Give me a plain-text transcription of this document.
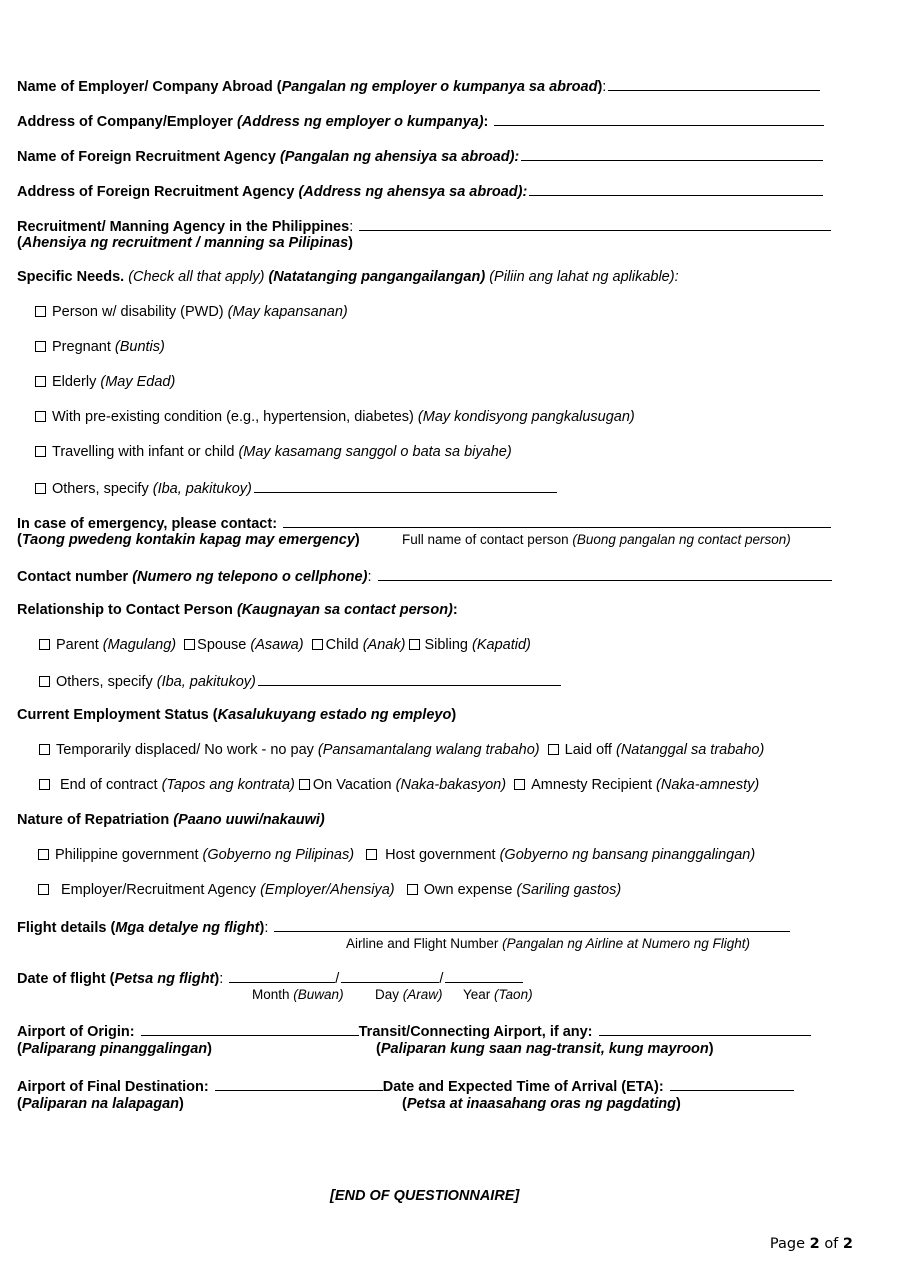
Name of Employer/ Company Abroad (Pangalan ng employer o kumpanya sa abroad):
Address of Company/Employer (Address ng employer o kumpanya):
Name of Foreign Recruitment Agency (Pangalan ng ahensiya sa abroad):
Address of Foreign Recruitment Agency (Address ng ahensya sa abroad):
Recruitment/ Manning Agency in the Philippines:
(Ahensiya ng recruitment / manning sa Pilipinas)
Specific Needs. (Check all that apply) (Natatanging pangangailangan) (Piliin ang lahat ng aplikable):
Person w/ disability (PWD) (May kapansanan)
Pregnant (Buntis)
Elderly (May Edad)
With pre-existing condition (e.g., hypertension, diabetes) (May kondisyong pangkalusugan)
Travelling with infant or child (May kasamang sanggol o bata sa biyahe)
Others, specify (Iba, pakitukoy)
In case of emergency, please contact:
(Taong pwedeng kontakin kapag may emergency)	Full name of contact person (Buong pangalan ng contact person)
Contact number (Numero ng telepono o cellphone):
Relationship to Contact Person (Kaugnayan sa contact person):
Parent (Magulang) Spouse (Asawa) Child (Anak) Sibling (Kapatid)
Others, specify (Iba, pakitukoy)
Current Employment Status (Kasalukuyang estado ng empleyo)
Temporarily displaced/ No work - no pay (Pansamantalang walang trabaho) Laid off (Natanggal sa trabaho)
End of contract (Tapos ang kontrata) On Vacation (Naka-bakasyon) Amnesty Recipient (Naka-amnesty)
Nature of Repatriation (Paano uuwi/nakauwi)
Philippine government (Gobyerno ng Pilipinas) Host government (Gobyerno ng bansang pinanggalingan)
Employer/Recruitment Agency (Employer/Ahensiya) Own expense (Sariling gastos)
Flight details (Mga detalye ng flight):
Airline and Flight Number (Pangalan ng Airline at Numero ng Flight)
Date of flight (Petsa ng flight):	/	/
Month (Buwan) Day (Araw) Year (Taon)
Airport of Origin:	Transit/Connecting Airport, if any:
(Paliparang pinanggalingan)	(Paliparan kung saan nag-transit, kung mayroon)
Airport of Final Destination:	Date and Expected Time of Arrival (ETA):
(Paliparan na lalapagan)	(Petsa at inaasahang oras ng pagdating)
[END OF QUESTIONNAIRE]
Page 2 of 2
